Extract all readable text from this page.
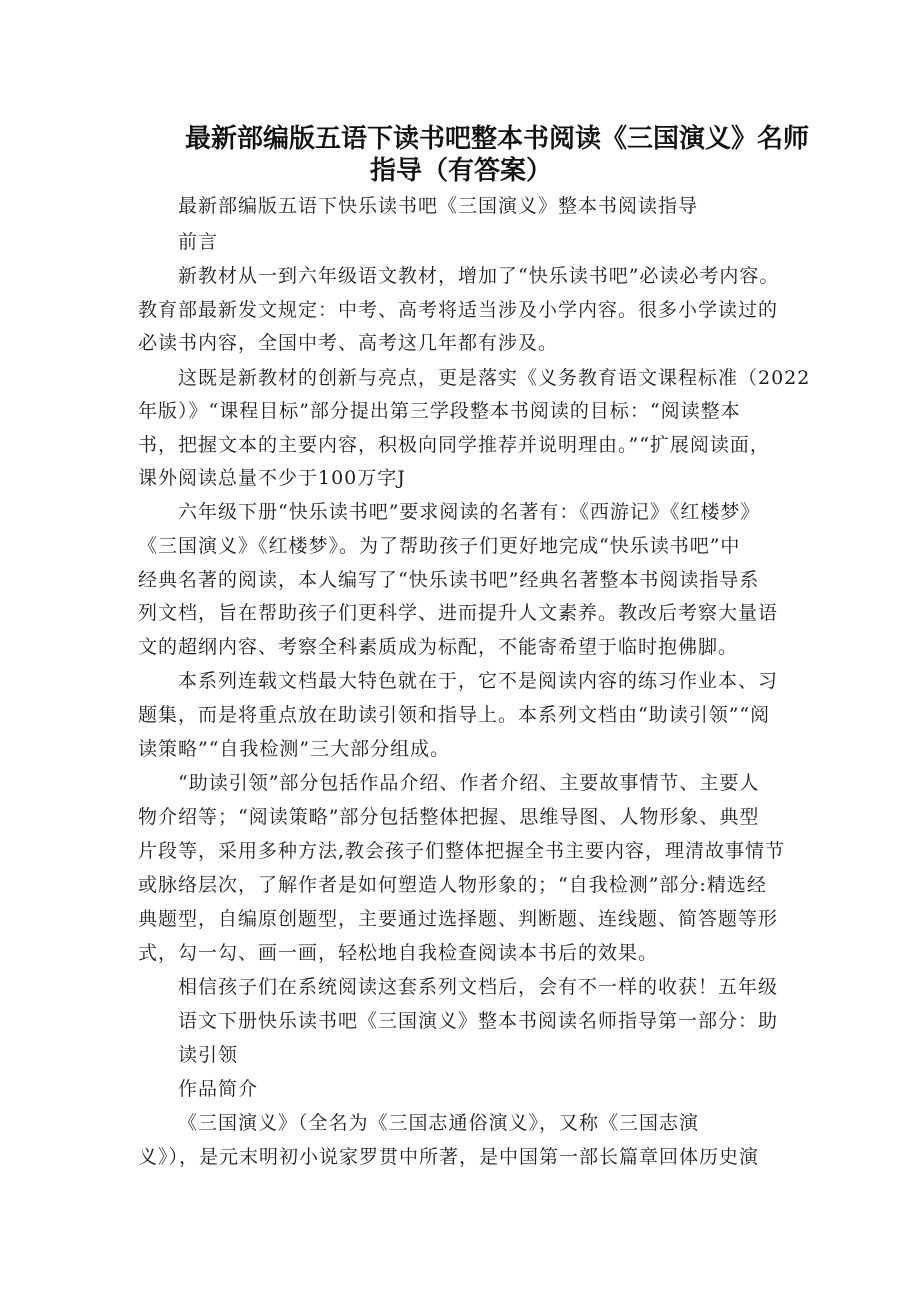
最新部编版五语下读书吧整本书阅读《三国演义》名师
指导（有答案）
最新部编版五语下快乐读书吧《三国演义》整本书阅读指导
前言
新教材从一到六年级语文教材，增加了“快乐读书吧”必读必考内容。
教育部最新发文规定：中考、高考将适当涉及小学内容。很多小学读过的
必读书内容，全国中考、高考这几年都有涉及。
这既是新教材的创新与亮点，更是落实《义务教育语文课程标准（2022
年版）》“课程目标”部分提出第三学段整本书阅读的目标：“阅读整本
书，把握文本的主要内容，积极向同学推荐并说明理由。”“扩展阅读面，
课外阅读总量不少于100万字J
六年级下册“快乐读书吧”要求阅读的名著有：《西游记》《红楼梦》
《三国演义》《红楼梦》。为了帮助孩子们更好地完成“快乐读书吧”中
经典名著的阅读，本人编写了“快乐读书吧”经典名著整本书阅读指导系
列文档，旨在帮助孩子们更科学、进而提升人文素养。教改后考察大量语
文的超纲内容、考察全科素质成为标配，不能寄希望于临时抱佛脚。
本系列连载文档最大特色就在于，它不是阅读内容的练习作业本、习
题集，而是将重点放在助读引领和指导上。本系列文档由“助读引领”“阅
读策略”“自我检测”三大部分组成。
“助读引领”部分包括作品介绍、作者介绍、主要故事情节、主要人
物介绍等；“阅读策略”部分包括整体把握、思维导图、人物形象、典型
片段等，采用多种方法,教会孩子们整体把握全书主要内容，理清故事情节
或脉络层次，了解作者是如何塑造人物形象的；“自我检测”部分:精选经
典题型，自编原创题型，主要通过选择题、判断题、连线题、简答题等形
式，勾一勾、画一画，轻松地自我检查阅读本书后的效果。
相信孩子们在系统阅读这套系列文档后，会有不一样的收获！五年级
语文下册快乐读书吧《三国演义》整本书阅读名师指导第一部分：助
读引领
作品简介
《三国演义》（全名为《三国志通俗演义》，又称《三国志演
义》），是元末明初小说家罗贯中所著，是中国第一部长篇章回体历史演
